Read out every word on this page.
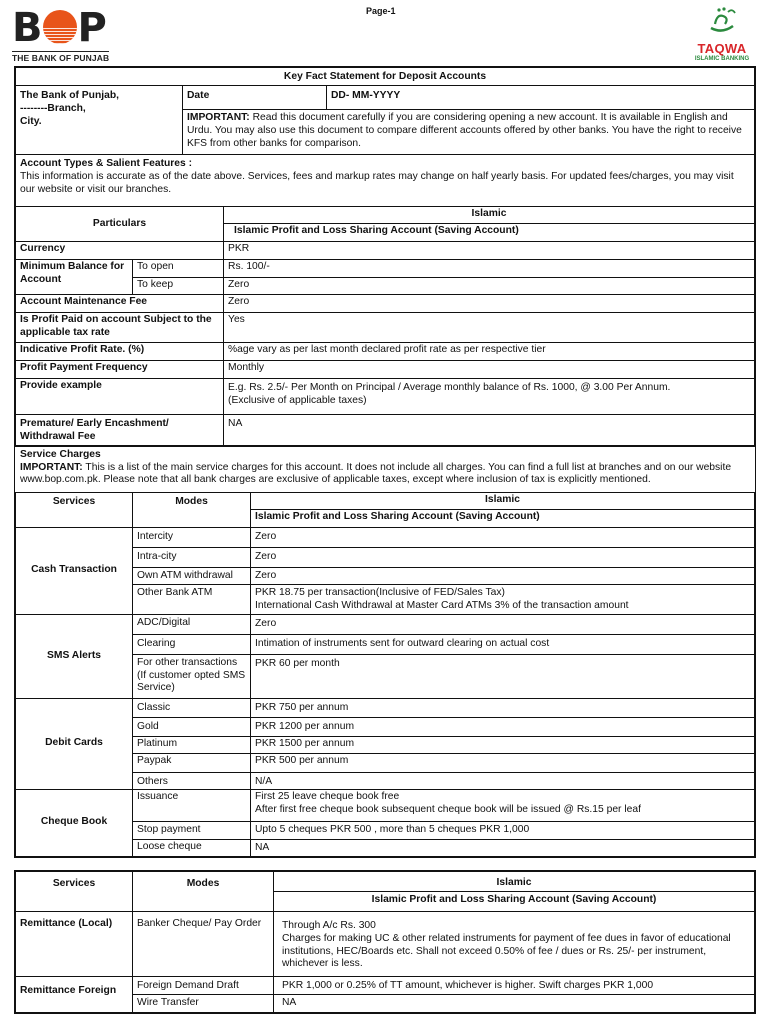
B P
THE BANK OF PUNJAB
Page-1
TAQWA
ISLAMIC BANKING
Key Fact Statement for Deposit Accounts

The Bank of Punjab,
--------Branch,
City.
	Date	DD- MM-YYYY
IMPORTANT: Read this document carefully if you are considering opening a new account. It is available in English and Urdu. You may also use this document to compare different accounts offered by other banks. You have the right to receive KFS from other banks for comparison.

Account Types & Salient Features :
This information is accurate as of the date above. Services, fees and markup rates may change on half yearly basis. For updated fees/charges, you may visit our website or visit our branches.
Particulars		Islamic
		Islamic Profit and Loss Sharing Account (Saving Account)
Currency		PKR
Minimum Balance for Account	To open	Rs. 100/-
	To keep	Zero
Account Maintenance Fee		Zero
Is Profit Paid on account Subject to the applicable tax rate		Yes
Indicative Profit Rate. (%)		%age vary as per last month declared profit rate as per respective tier
Profit Payment Frequency		Monthly
Provide example		E.g. Rs. 2.5/- Per Month on Principal / Average monthly balance of Rs. 1000, @ 3.00 Per Annum.
(Exclusive of applicable taxes)

Premature/ Early Encashment/ Withdrawal Fee		NA
Service Charges
IMPORTANT: This is a list of the main service charges for this account. It does not include all charges. You can find a full list at branches and on our website www.bop.com.pk. Please note that all bank charges are exclusive of applicable taxes, except where inclusion of tax is explicitly mentioned.
Services	Modes	Islamic
		Islamic Profit and Loss Sharing Account (Saving Account)
Cash Transaction	Intercity	Zero
	Intra-city	Zero
	Own ATM withdrawal	Zero
	Other Bank ATM	PKR 18.75 per transaction(Inclusive of FED/Sales Tax)
International Cash Withdrawal at Master Card ATMs 3% of the transaction amount

SMS Alerts	ADC/Digital	Zero
	Clearing	Intimation of instruments sent for outward clearing on actual cost
	For other transactions (If customer opted SMS Service)	PKR 60 per month
Debit Cards	Classic	PKR 750 per annum
	Gold	PKR 1200 per annum
	Platinum	PKR 1500 per annum
	Paypak	PKR 500 per annum
	Others	N/A
Cheque Book	Issuance	First 25 leave cheque book free
After first free cheque book subsequent cheque book will be issued @ Rs.15 per leaf

	Stop payment	Upto 5 cheques PKR 500 , more than 5 cheques PKR 1,000
	Loose cheque	NA
Services	Modes	Islamic
		Islamic Profit and Loss Sharing Account (Saving Account)
Remittance (Local)	Banker Cheque/ Pay Order	Through A/c Rs. 300
Charges for making UC & other related instruments for payment of fee dues in favor of educational institutions, HEC/Boards etc. Shall not exceed 0.50% of fee / dues or Rs. 25/- per instrument, whichever is less.

Remittance Foreign	Foreign Demand Draft	PKR 1,000 or 0.25% of TT amount, whichever is higher. Swift charges PKR 1,000
	Wire Transfer	NA
